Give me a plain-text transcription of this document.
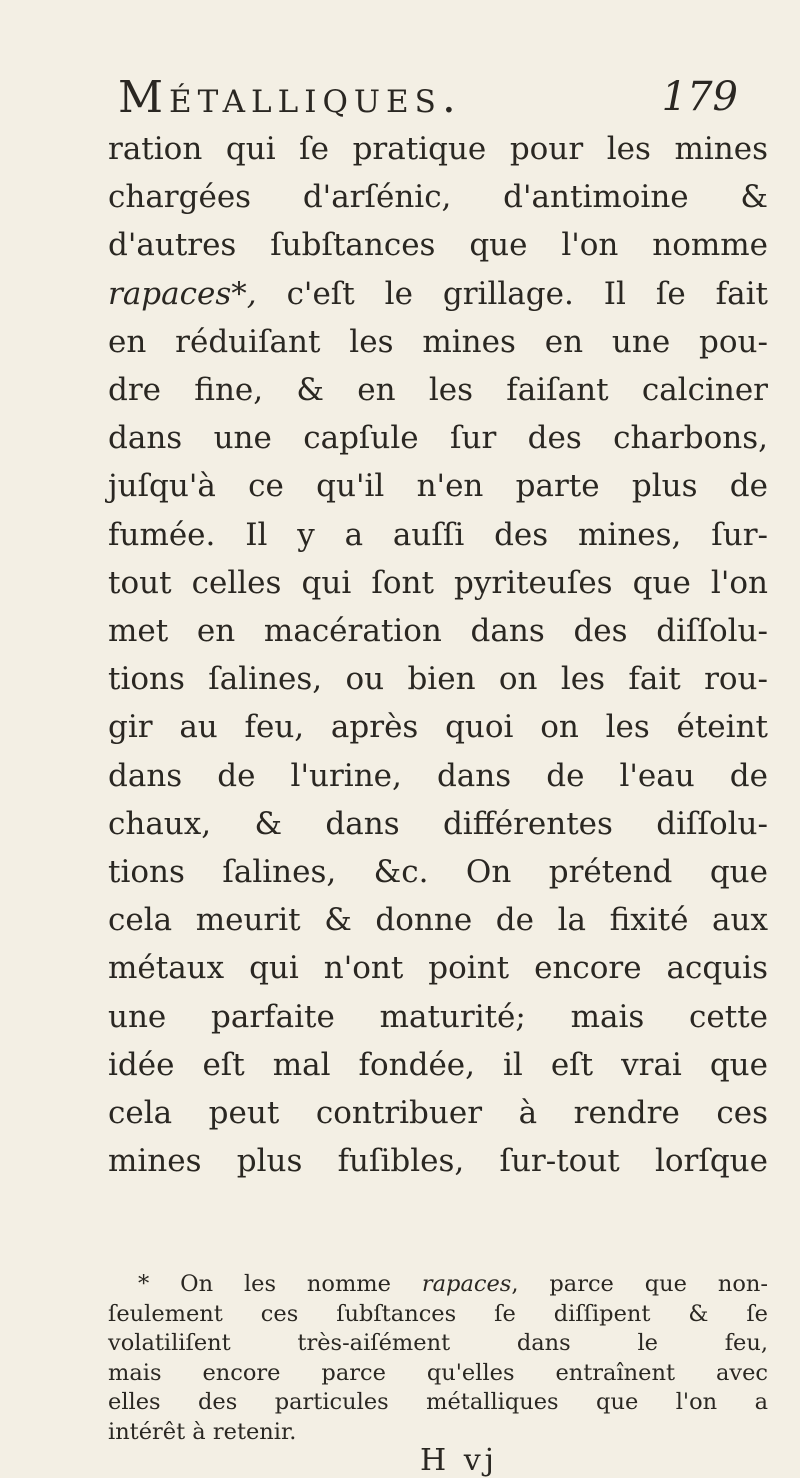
Métalliques.	179
ration qui ſe pratique pour les mines
chargées d'arſénic, d'antimoine &
d'autres ſubſtances que l'on nomme
rapaces*, c'eſt le grillage. Il ſe fait
en réduiſant les mines en une pou-
dre fine, & en les faiſant calciner
dans une capſule ſur des charbons,
juſqu'à ce qu'il n'en parte plus de
fumée. Il y a auſſi des mines, ſur-
tout celles qui ſont pyriteuſes que l'on
met en macération dans des diſſolu-
tions ſalines, ou bien on les fait rou-
gir au feu, après quoi on les éteint
dans de l'urine, dans de l'eau de
chaux, & dans différentes diſſolu-
tions ſalines, &c. On prétend que
cela meurit & donne de la fixité aux
métaux qui n'ont point encore acquis
une parfaite maturité; mais cette
idée eſt mal fondée, il eſt vrai que
cela peut contribuer à rendre ces
mines plus fuſibles, ſur-tout lorſque
* On les nomme rapaces, parce que non-
ſeulement ces ſubſtances ſe diſſipent & ſe
volatiliſent très-aiſément dans le feu,
mais encore parce qu'elles entraînent avec
elles des particules métalliques que l'on a
intérêt à retenir.
H vj
